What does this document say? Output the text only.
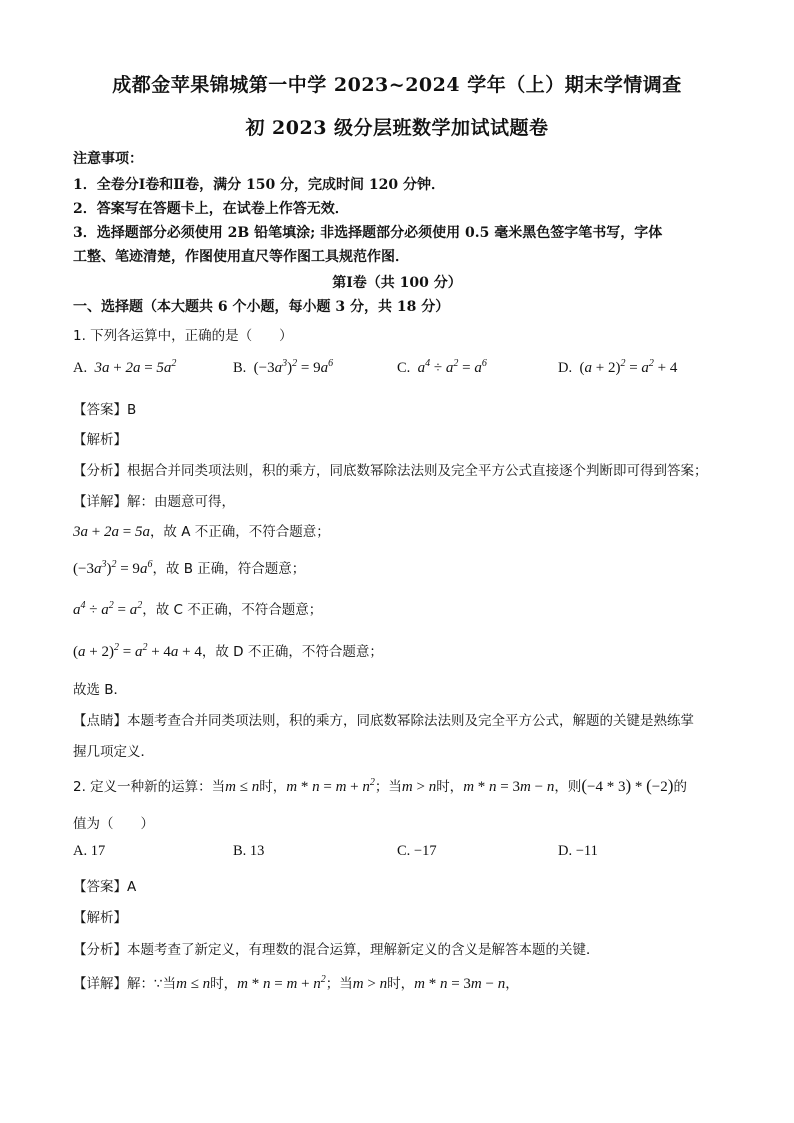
成都金苹果锦城第一中学 2023~2024 学年（上）期末学情调查
初 2023 级分层班数学加试试题卷
注意事项：
1．全卷分Ⅰ卷和Ⅱ卷，满分 150 分，完成时间 120 分钟．
2．答案写在答题卡上，在试卷上作答无效．
3．选择题部分必须使用 2B 铅笔填涂; 非选择题部分必须使用 0.5 毫米黑色签字笔书写，字体
工整、笔迹清楚，作图使用直尺等作图工具规范作图．
第Ⅰ卷（共 100 分）
一、选择题（本大题共 6 个小题，每小题 3 分，共 18 分）
1. 下列各运算中，正确的是（　　）
A.  $3a + 2a = 5a^2$	B. $(-3a^3)^2 = 9a^6$	C.  $a^4 \div a^2 = a^6$	D. $(a + 2)^2 = a^2 + 4$
【答案】B
【解析】
【分析】根据合并同类项法则，积的乘方，同底数幂除法法则及完全平方公式直接逐个判断即可得到答案；
【详解】解：由题意可得，
3a + 2a = 5a，故 A 不正确，不符合题意；
$(-3a^3)^2 = 9a^6$，故 B 正确，符合题意；
$a^4 \div a^2 = a^2$，故 C 不正确，不符合题意；
$(a + 2)^2 = a^2 + 4a + 4$，故 D 不正确，不符合题意；
故选 B．
【点睛】本题考查合并同类项法则，积的乘方，同底数幂除法法则及完全平方公式，解题的关键是熟练掌
握几项定义．
2. 定义一种新的运算：当m ≤ n时，$m * n = m + n^2$；当m > n时，m * n = 3m − n，则(−4 * 3) * (−2)的
值为（　　）
A. 17	B. 13	C. −17	D. −11
【答案】A
【解析】
【分析】本题考查了新定义，有理数的混合运算，理解新定义的含义是解答本题的关键．
【详解】解：∵当m ≤ n时，$m * n = m + n^2$；当m > n时，m * n = 3m − n，
